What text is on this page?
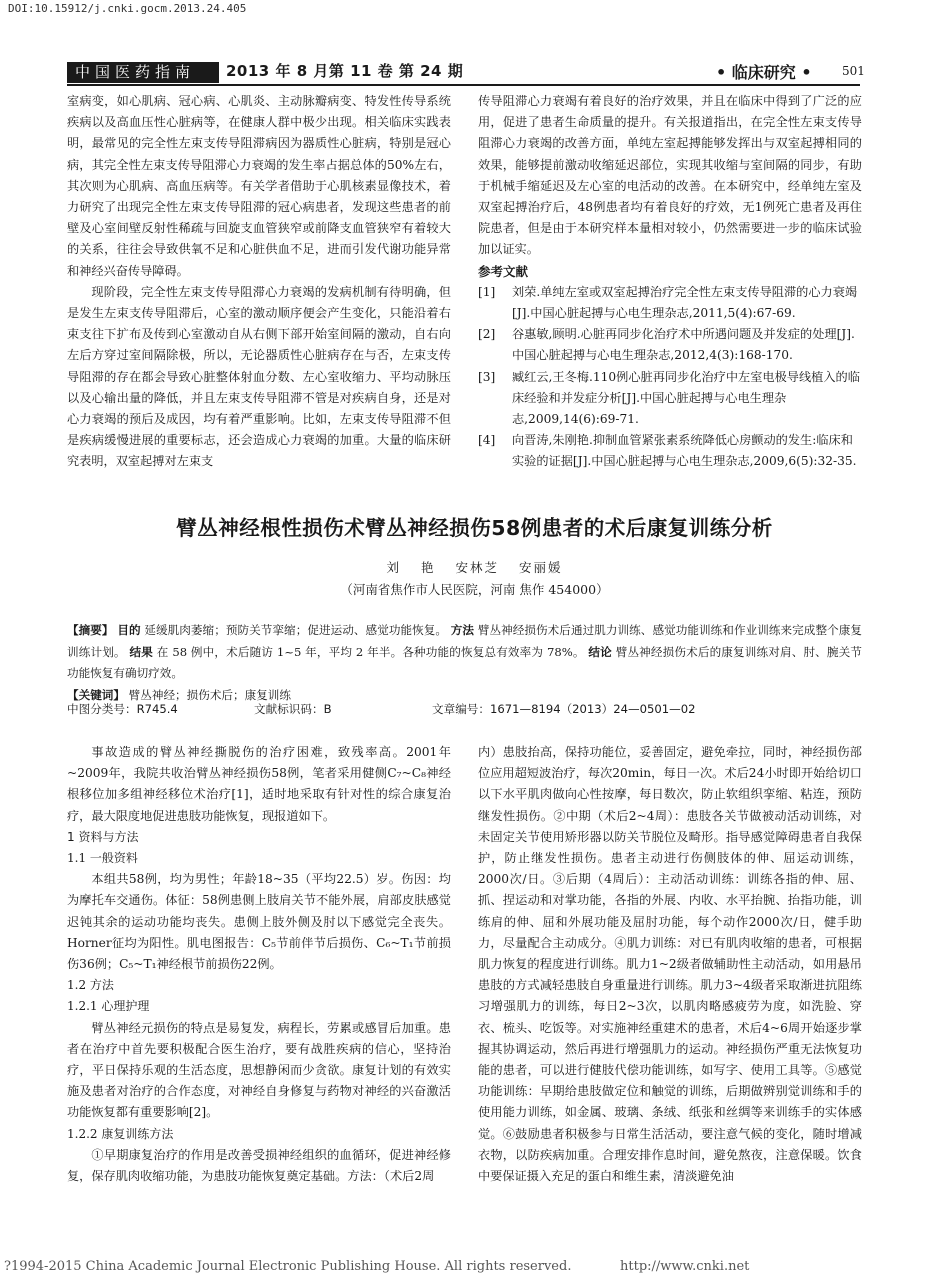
DOI:10.15912/j.cnki.gocm.2013.24.405
中国医药指南	2013 年 8 月第 11 卷 第 24 期	• 临床研究 •	501

室病变，如心肌病、冠心病、心肌炎、主动脉瓣病变、特发性传导系统疾病以及高血压性心脏病等，在健康人群中极少出现。相关临床实践表明，最常见的完全性左束支传导阻滞病因为器质性心脏病，特别是冠心病，其完全性左束支传导阻滞心力衰竭的发生率占据总体的50%左右，其次则为心肌病、高血压病等。有关学者借助于心肌核素显像技术，着力研究了出现完全性左束支传导阻滞的冠心病患者，发现这些患者的前壁及心室间壁反射性稀疏与回旋支血管狭窄或前降支血管狭窄有着较大的关系，往往会导致供氧不足和心脏供血不足，进而引发代谢功能异常和神经兴奋传导障碍。

现阶段，完全性左束支传导阻滞心力衰竭的发病机制有待明确，但是发生左束支传导阻滞后，心室的激动顺序便会产生变化，只能沿着右束支往下扩布及传到心室激动自从右侧下部开始室间隔的激动，自右向左后方穿过室间隔除极，所以，无论器质性心脏病存在与否，左束支传导阻滞的存在都会导致心脏整体射血分数、左心室收缩力、平均动脉压以及心输出量的降低，并且左束支传导阻滞不管是对疾病自身，还是对心力衰竭的预后及成因，均有着严重影响。比如，左束支传导阻滞不但是疾病缓慢进展的重要标志，还会造成心力衰竭的加重。大量的临床研究表明，双室起搏对左束支

传导阻滞心力衰竭有着良好的治疗效果，并且在临床中得到了广泛的应用，促进了患者生命质量的提升。有关报道指出，在完全性左束支传导阻滞心力衰竭的改善方面，单纯左室起搏能够发挥出与双室起搏相同的效果，能够提前激动收缩延迟部位，实现其收缩与室间隔的同步，有助于机械手缩延迟及左心室的电活动的改善。在本研究中，经单纯左室及双室起搏治疗后，48例患者均有着良好的疗效，无1例死亡患者及再住院患者，但是由于本研究样本量相对较小，仍然需要进一步的临床试验加以证实。

参考文献
[1]	刘荣.单纯左室或双室起搏治疗完全性左束支传导阻滞的心力衰竭[J].中国心脏起搏与心电生理杂志,2011,5(4):67-69.
[2]	谷惠敏,顾明.心脏再同步化治疗术中所遇问题及并发症的处理[J].中国心脏起搏与心电生理杂志,2012,4(3):168-170.
[3]	臧红云,王冬梅.110例心脏再同步化治疗中左室电极导线植入的临床经验和并发症分析[J].中国心脏起搏与心电生理杂志,2009,14(6):69-71.
[4]	向晋涛,朱刚艳.抑制血管紧张素系统降低心房颤动的发生:临床和实验的证据[J].中国心脏起搏与心电生理杂志,2009,6(5):32-35.
臂丛神经根性损伤术臂丛神经损伤58例患者的术后康复训练分析
刘 艳 安林芝 安丽媛
（河南省焦作市人民医院，河南 焦作 454000）
【摘要】 目的 延缓肌肉萎缩；预防关节挛缩；促进运动、感觉功能恢复。 方法 臂丛神经损伤术后通过肌力训练、感觉功能训练和作业训练来完成整个康复训练计划。 结果 在 58 例中，术后随访 1~5 年，平均 2 年半。各种功能的恢复总有效率为 78%。 结论 臂丛神经损伤术后的康复训练对肩、肘、腕关节功能恢复有确切疗效。
【关键词】 臂丛神经；损伤术后；康复训练
中图分类号：R745.4	文献标识码：B	文章编号：1671—8194（2013）24—0501—02

事故造成的臂丛神经撕脱伤的治疗困难，致残率高。2001年~2009年，我院共收治臂丛神经损伤58例，笔者采用健侧C₇~C₈神经根移位加多组神经移位术治疗[1]，适时地采取有针对性的综合康复治疗，最大限度地促进患肢功能恢复，现报道如下。

1 资料与方法
1.1 一般资料

本组共58例，均为男性；年龄18~35（平均22.5）岁。伤因：均为摩托车交通伤。体征：58例患侧上肢肩关节不能外展，肩部皮肤感觉迟钝其余的运动功能均丧失。患侧上肢外侧及肘以下感觉完全丧失。Horner征均为阳性。肌电图报告：C₅节前伴节后损伤、C₆~T₁节前损伤36例；C₅~T₁神经根节前损伤22例。

1.2 方法
1.2.1 心理护理

臂丛神经元损伤的特点是易复发，病程长，劳累或感冒后加重。患者在治疗中首先要积极配合医生治疗，要有战胜疾病的信心，坚持治疗，平日保持乐观的生活态度，思想静闲而少贪欲。康复计划的有效实施及患者对治疗的合作态度，对神经自身修复与药物对神经的兴奋激活功能恢复都有重要影响[2]。

1.2.2 康复训练方法

①早期康复治疗的作用是改善受损神经组织的血循环，促进神经修复，保存肌肉收缩功能，为患肢功能恢复奠定基础。方法：（术后2周

内）患肢抬高，保持功能位，妥善固定，避免牵拉，同时，神经损伤部位应用超短波治疗，每次20min，每日一次。术后24小时即开始给切口以下水平肌肉做向心性按摩，每日数次，防止软组织挛缩、粘连，预防继发性损伤。②中期（术后2~4周）：患肢各关节做被动活动训练，对未固定关节使用矫形器以防关节脱位及畸形。指导感觉障碍患者自我保护，防止继发性损伤。患者主动进行伤侧肢体的伸、屈运动训练，2000次/日。③后期（4周后）：主动活动训练：训练各指的伸、屈、抓、捏运动和对掌功能，各指的外展、内收、水平抬腕、抬指功能，训练肩的伸、屈和外展功能及屈肘功能，每个动作2000次/日，健手助力，尽量配合主动成分。④肌力训练：对已有肌肉收缩的患者，可根据肌力恢复的程度进行训练。肌力1~2级者做辅助性主动活动，如用悬吊患肢的方式减轻患肢自身重量进行训练。肌力3~4级者采取渐进抗阻练习增强肌力的训练，每日2~3次，以肌肉略感疲劳为度，如洗脸、穿衣、梳头、吃饭等。对实施神经重建术的患者，术后4~6周开始逐步掌握其协调运动，然后再进行增强肌力的运动。神经损伤严重无法恢复功能的患者，可以进行健肢代偿功能训练，如写字、使用工具等。⑤感觉功能训练：早期给患肢做定位和触觉的训练，后期做辨别觉训练和手的使用能力训练，如金属、玻璃、条绒、纸张和丝绸等来训练手的实体感觉。⑥鼓励患者积极参与日常生活活动，要注意气候的变化，随时增减衣物，以防疾病加重。合理安排作息时间，避免熬夜，注意保暖。饮食中要保证摄入充足的蛋白和维生素，清淡避免油

?1994-2015 China Academic Journal Electronic Publishing House. All rights reserved.	http://www.cnki.net
